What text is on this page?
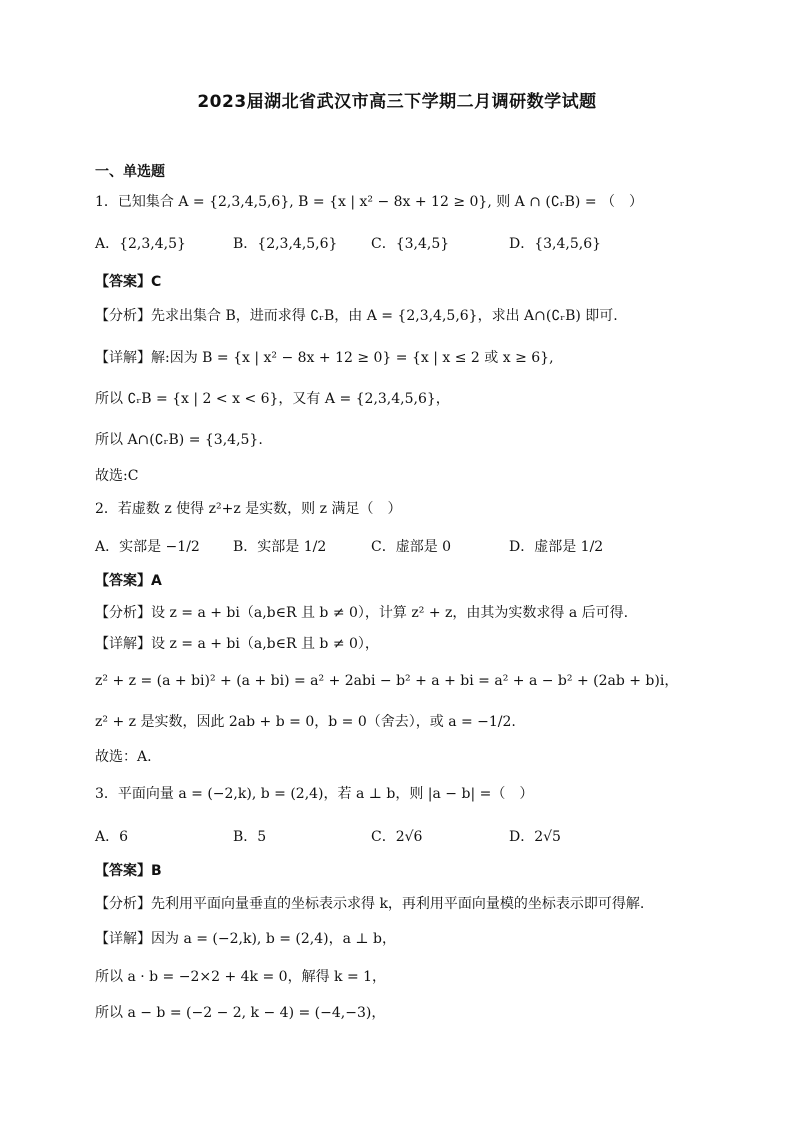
2023届湖北省武汉市高三下学期二月调研数学试题
一、单选题
1．已知集合 A = {2,3,4,5,6}, B = {x | x² − 8x + 12 ≥ 0}, 则 A ∩ (∁ᵣB) = （　）
A．{2,3,4,5}	B．{2,3,4,5,6}	C．{3,4,5}	D．{3,4,5,6}
【答案】C
【分析】先求出集合 B，进而求得 ∁ᵣB，由 A = {2,3,4,5,6}，求出 A∩(∁ᵣB) 即可.
【详解】解:因为 B = {x | x² − 8x + 12 ≥ 0} = {x | x ≤ 2 或 x ≥ 6},
所以 ∁ᵣB = {x | 2 < x < 6}，又有 A = {2,3,4,5,6}，
所以 A∩(∁ᵣB) = {3,4,5}.
故选:C
2．若虚数 z 使得 z²+z 是实数，则 z 满足（　）
A．实部是 −1/2	B．实部是 1/2	C．虚部是 0	D．虚部是 1/2
【答案】A
【分析】设 z = a + bi（a,b∈R 且 b ≠ 0），计算 z² + z，由其为实数求得 a 后可得.
【详解】设 z = a + bi（a,b∈R 且 b ≠ 0），
z² + z = (a + bi)² + (a + bi) = a² + 2abi − b² + a + bi = a² + a − b² + (2ab + b)i，
z² + z 是实数，因此 2ab + b = 0，b = 0（舍去），或 a = −1/2.
故选：A.
3．平面向量 a = (−2,k), b = (2,4)，若 a ⊥ b，则 |a − b| =（　）
A．6	B．5	C．2√6	D．2√5
【答案】B
【分析】先利用平面向量垂直的坐标表示求得 k，再利用平面向量模的坐标表示即可得解.
【详解】因为 a = (−2,k), b = (2,4)，a ⊥ b，
所以 a · b = −2×2 + 4k = 0，解得 k = 1，
所以 a − b = (−2 − 2, k − 4) = (−4,−3)，
